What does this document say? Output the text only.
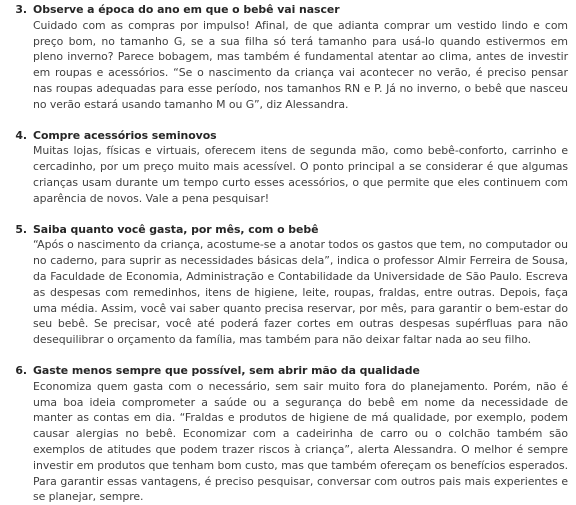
3. Observe a época do ano em que o bebê vai nascer
Cuidado com as compras por impulso! Afinal, de que adianta comprar um vestido lindo e com preço bom, no tamanho G, se a sua filha só terá tamanho para usá-lo quando estivermos em pleno inverno? Parece bobagem, mas também é fundamental atentar ao clima, antes de investir em roupas e acessórios. “Se o nascimento da criança vai acontecer no verão, é preciso pensar nas roupas adequadas para esse período, nos tamanhos RN e P. Já no inverno, o bebê que nasceu no verão estará usando tamanho M ou G”, diz Alessandra.
4. Compre acessórios seminovos
Muitas lojas, físicas e virtuais, oferecem itens de segunda mão, como bebê-conforto, carrinho e cercadinho, por um preço muito mais acessível. O ponto principal a se considerar é que algumas crianças usam durante um tempo curto esses acessórios, o que permite que eles continuem com aparência de novos. Vale a pena pesquisar!
5. Saiba quanto você gasta, por mês, com o bebê
“Após o nascimento da criança, acostume-se a anotar todos os gastos que tem, no computador ou no caderno, para suprir as necessidades básicas dela”, indica o professor Almir Ferreira de Sousa, da Faculdade de Economia, Administração e Contabilidade da Universidade de São Paulo. Escreva as despesas com remedinhos, itens de higiene, leite, roupas, fraldas, entre outras. Depois, faça uma média. Assim, você vai saber quanto precisa reservar, por mês, para garantir o bem-estar do seu bebê. Se precisar, você até poderá fazer cortes em outras despesas supérfluas para não desequilibrar o orçamento da família, mas também para não deixar faltar nada ao seu filho.
6. Gaste menos sempre que possível, sem abrir mão da qualidade
Economiza quem gasta com o necessário, sem sair muito fora do planejamento. Porém, não é uma boa ideia comprometer a saúde ou a segurança do bebê em nome da necessidade de manter as contas em dia. “Fraldas e produtos de higiene de má qualidade, por exemplo, podem causar alergias no bebê. Economizar com a cadeirinha de carro ou o colchão também são exemplos de atitudes que podem trazer riscos à criança”, alerta Alessandra. O melhor é sempre investir em produtos que tenham bom custo, mas que também ofereçam os benefícios esperados. Para garantir essas vantagens, é preciso pesquisar, conversar com outros pais mais experientes e se planejar, sempre.
